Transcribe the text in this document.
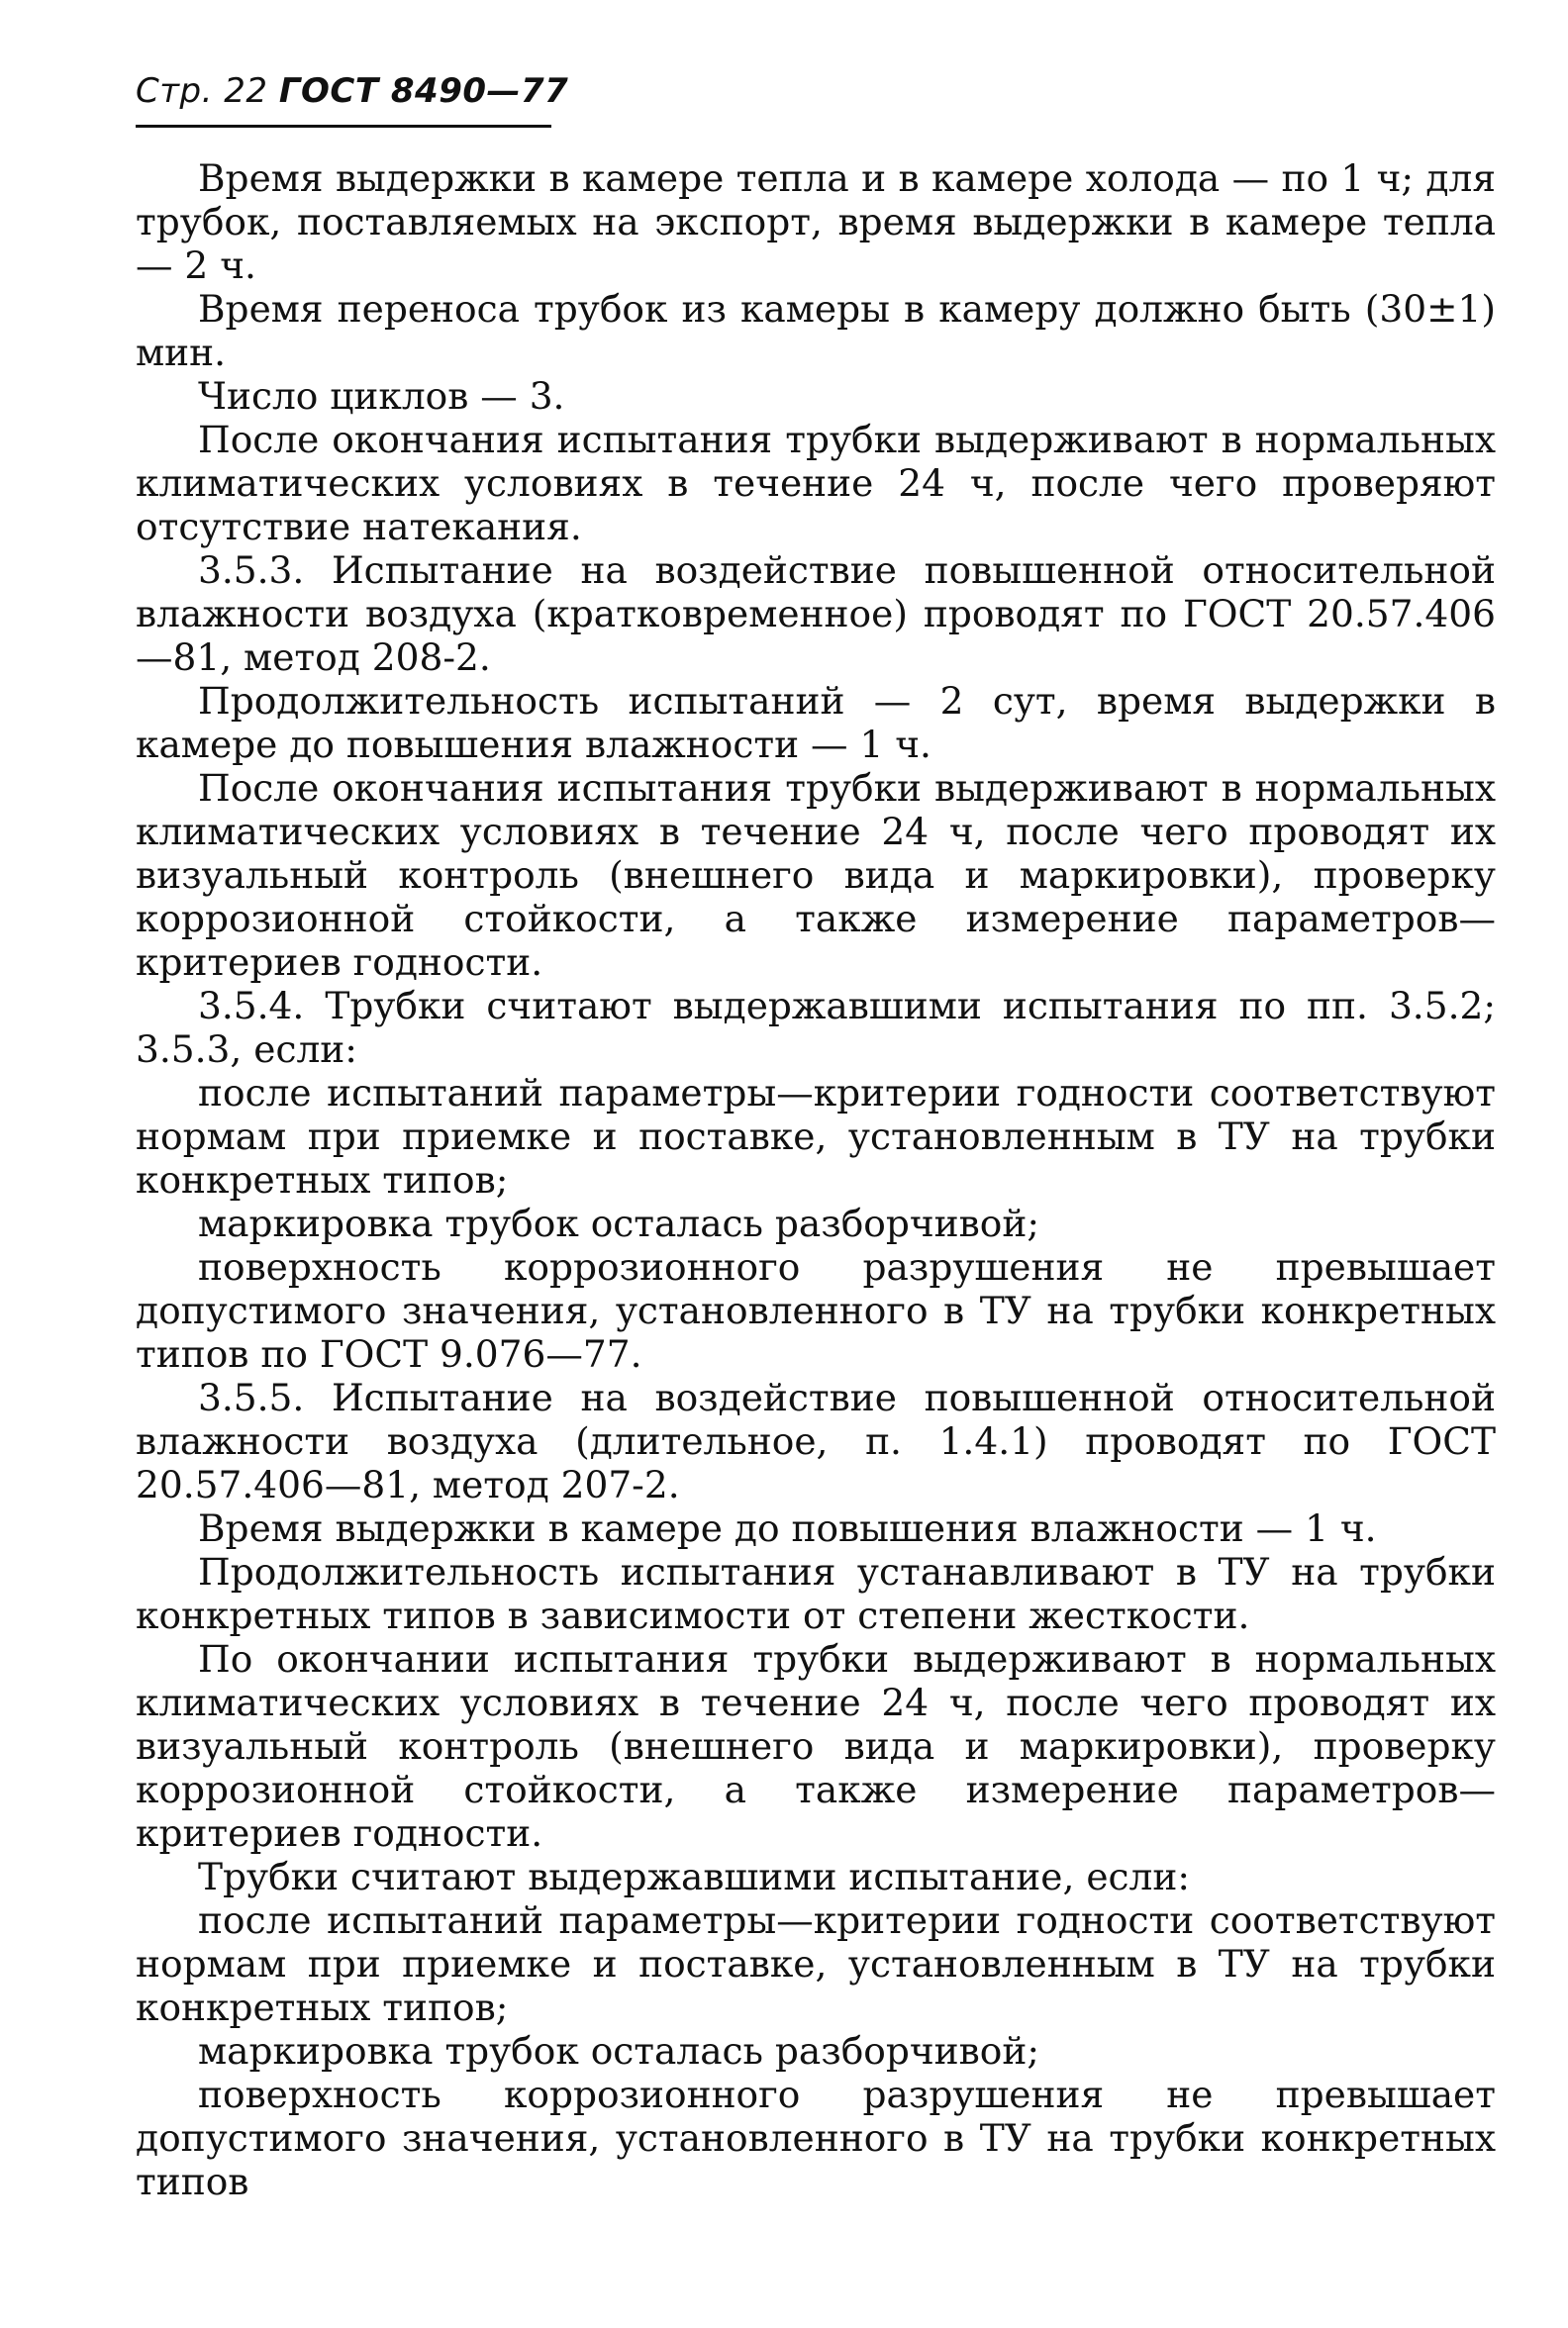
Стр. 22 ГОСТ 8490—77

Время выдержки в камере тепла и в камере холода — по 1 ч; для трубок, поставляемых на экспорт, время выдержки в камере тепла — 2 ч.

Время переноса трубок из камеры в камеру должно быть (30±1) мин.

Число циклов — 3.

После окончания испытания трубки выдерживают в нормальных климатических условиях в течение 24 ч, после чего проверяют отсутствие натекания.

3.5.3. Испытание на воздействие повышенной относительной влажности воздуха (кратковременное) проводят по ГОСТ 20.57.406—81, метод 208-2.

Продолжительность испытаний — 2 сут, время выдержки в камере до повышения влажности — 1 ч.

После окончания испытания трубки выдерживают в нормальных климатических условиях в течение 24 ч, после чего проводят их визуальный контроль (внешнего вида и маркировки), проверку коррозионной стойкости, а также измерение параметров—критериев годности.

3.5.4. Трубки считают выдержавшими испытания по пп. 3.5.2; 3.5.3, если:

после испытаний параметры—критерии годности соответствуют нормам при приемке и поставке, установленным в ТУ на трубки конкретных типов;

маркировка трубок осталась разборчивой;

поверхность коррозионного разрушения не превышает допустимого значения, установленного в ТУ на трубки конкретных типов по ГОСТ 9.076—77.

3.5.5. Испытание на воздействие повышенной относительной влажности воздуха (длительное, п. 1.4.1) проводят по ГОСТ 20.57.406—81, метод 207-2.

Время выдержки в камере до повышения влажности — 1 ч.

Продолжительность испытания устанавливают в ТУ на трубки конкретных типов в зависимости от степени жесткости.

По окончании испытания трубки выдерживают в нормальных климатических условиях в течение 24 ч, после чего проводят их визуальный контроль (внешнего вида и маркировки), проверку коррозионной стойкости, а также измерение параметров—критериев годности.

Трубки считают выдержавшими испытание, если:

после испытаний параметры—критерии годности соответствуют нормам при приемке и поставке, установленным в ТУ на трубки конкретных типов;

маркировка трубок осталась разборчивой;

поверхность коррозионного разрушения не превышает допустимого значения, установленного в ТУ на трубки конкретных типов
